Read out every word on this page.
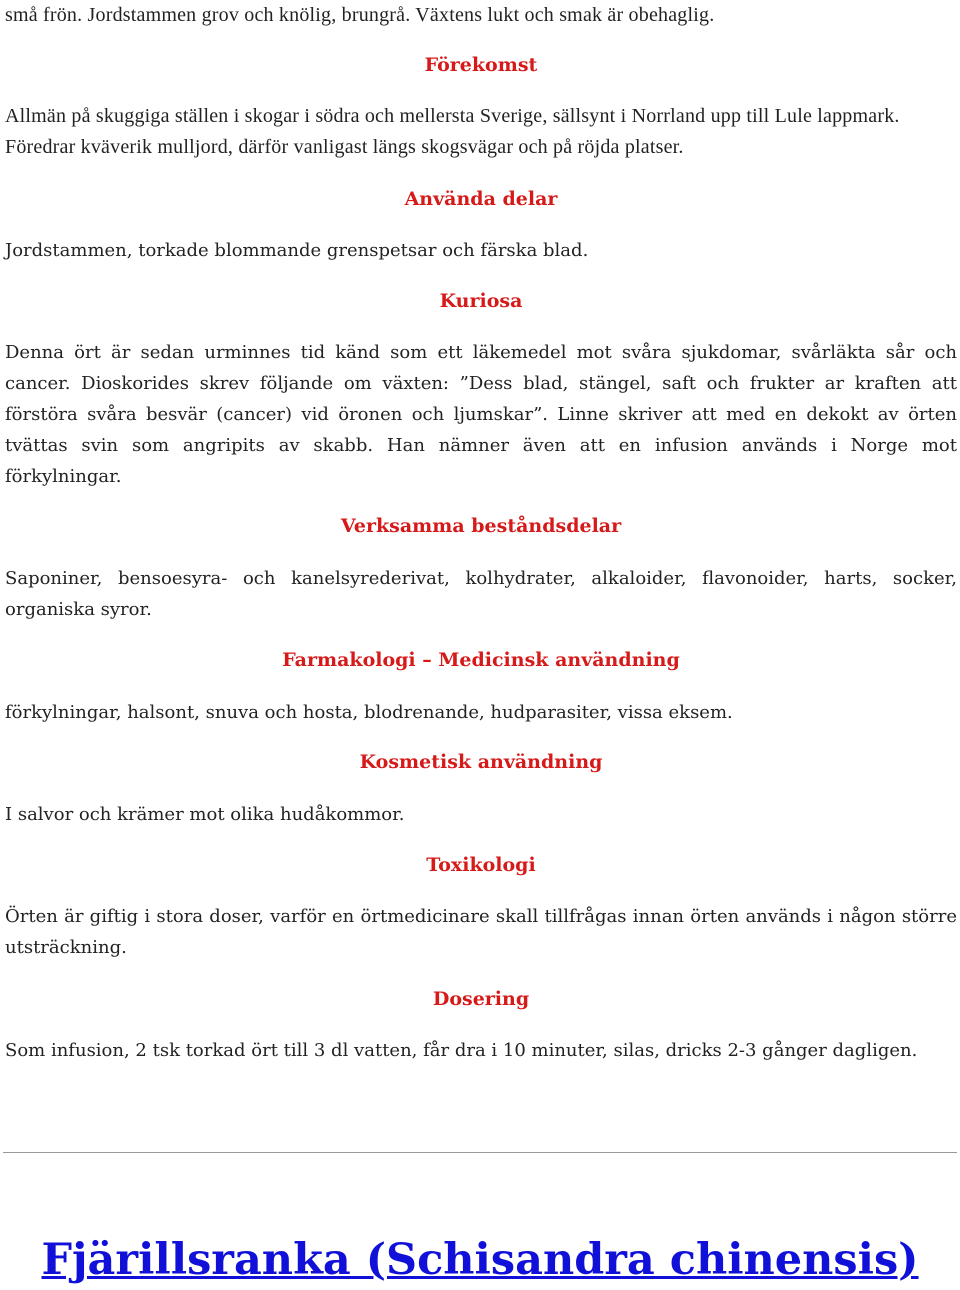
små frön. Jordstammen grov och knölig, brungrå. Växtens lukt och smak är obehaglig.

Förekomst

Allmän på skuggiga ställen i skogar i södra och mellersta Sverige, sällsynt i Norrland upp till Lule lappmark. Föredrar kväverik mulljord, därför vanligast längs skogsvägar och på röjda platser.

Använda delar

Jordstammen, torkade blommande grenspetsar och färska blad.

Kuriosa

Denna ört är sedan urminnes tid känd som ett läkemedel mot svåra sjukdomar, svårläkta sår och cancer. Dioskorides skrev följande om växten: ”Dess blad, stängel, saft och frukter ar kraften att förstöra svåra besvär (cancer) vid öronen och ljumskar”. Linne skriver att med en dekokt av örten tvättas svin som angripits av skabb. Han nämner även att en infusion används i Norge mot förkylningar.

Verksamma beståndsdelar

Saponiner, bensoesyra- och kanelsyrederivat, kolhydrater, alkaloider, flavonoider, harts, socker, organiska syror.

Farmakologi – Medicinsk användning

förkylningar, halsont, snuva och hosta, blodrenande, hudparasiter, vissa eksem.

Kosmetisk användning

I salvor och krämer mot olika hudåkommor.

Toxikologi

Örten är giftig i stora doser, varför en örtmedicinare skall tillfrågas innan örten används i någon större utsträckning.

Dosering

Som infusion, 2 tsk torkad ört till 3 dl vatten, får dra i 10 minuter, silas, dricks 2-3 gånger dagligen.

Fjärillsranka (Schisandra chinensis)
